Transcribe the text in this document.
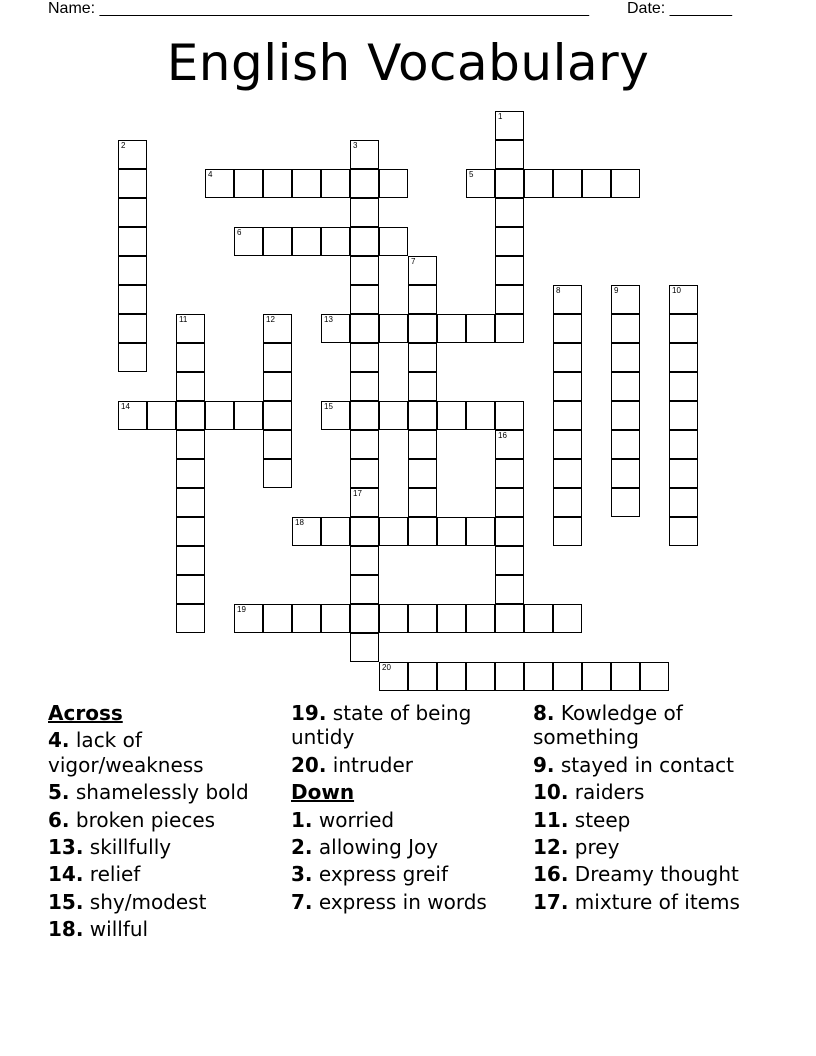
Name: _______________________________________________________ Date: _______
English Vocabulary
1
2	3
4	5
6
7
8	9	10
11	12	13
14	15
16
17
18
19
20
Across
4. lack of vigor/weakness
5. shamelessly bold
6. broken pieces
13. skillfully
14. relief
15. shy/modest
18. willful
19. state of being untidy
20. intruder
Down
1. worried
2. allowing Joy
3. express greif
7. express in words
8. Kowledge of something
9. stayed in contact
10. raiders
11. steep
12. prey
16. Dreamy thought
17. mixture of items
